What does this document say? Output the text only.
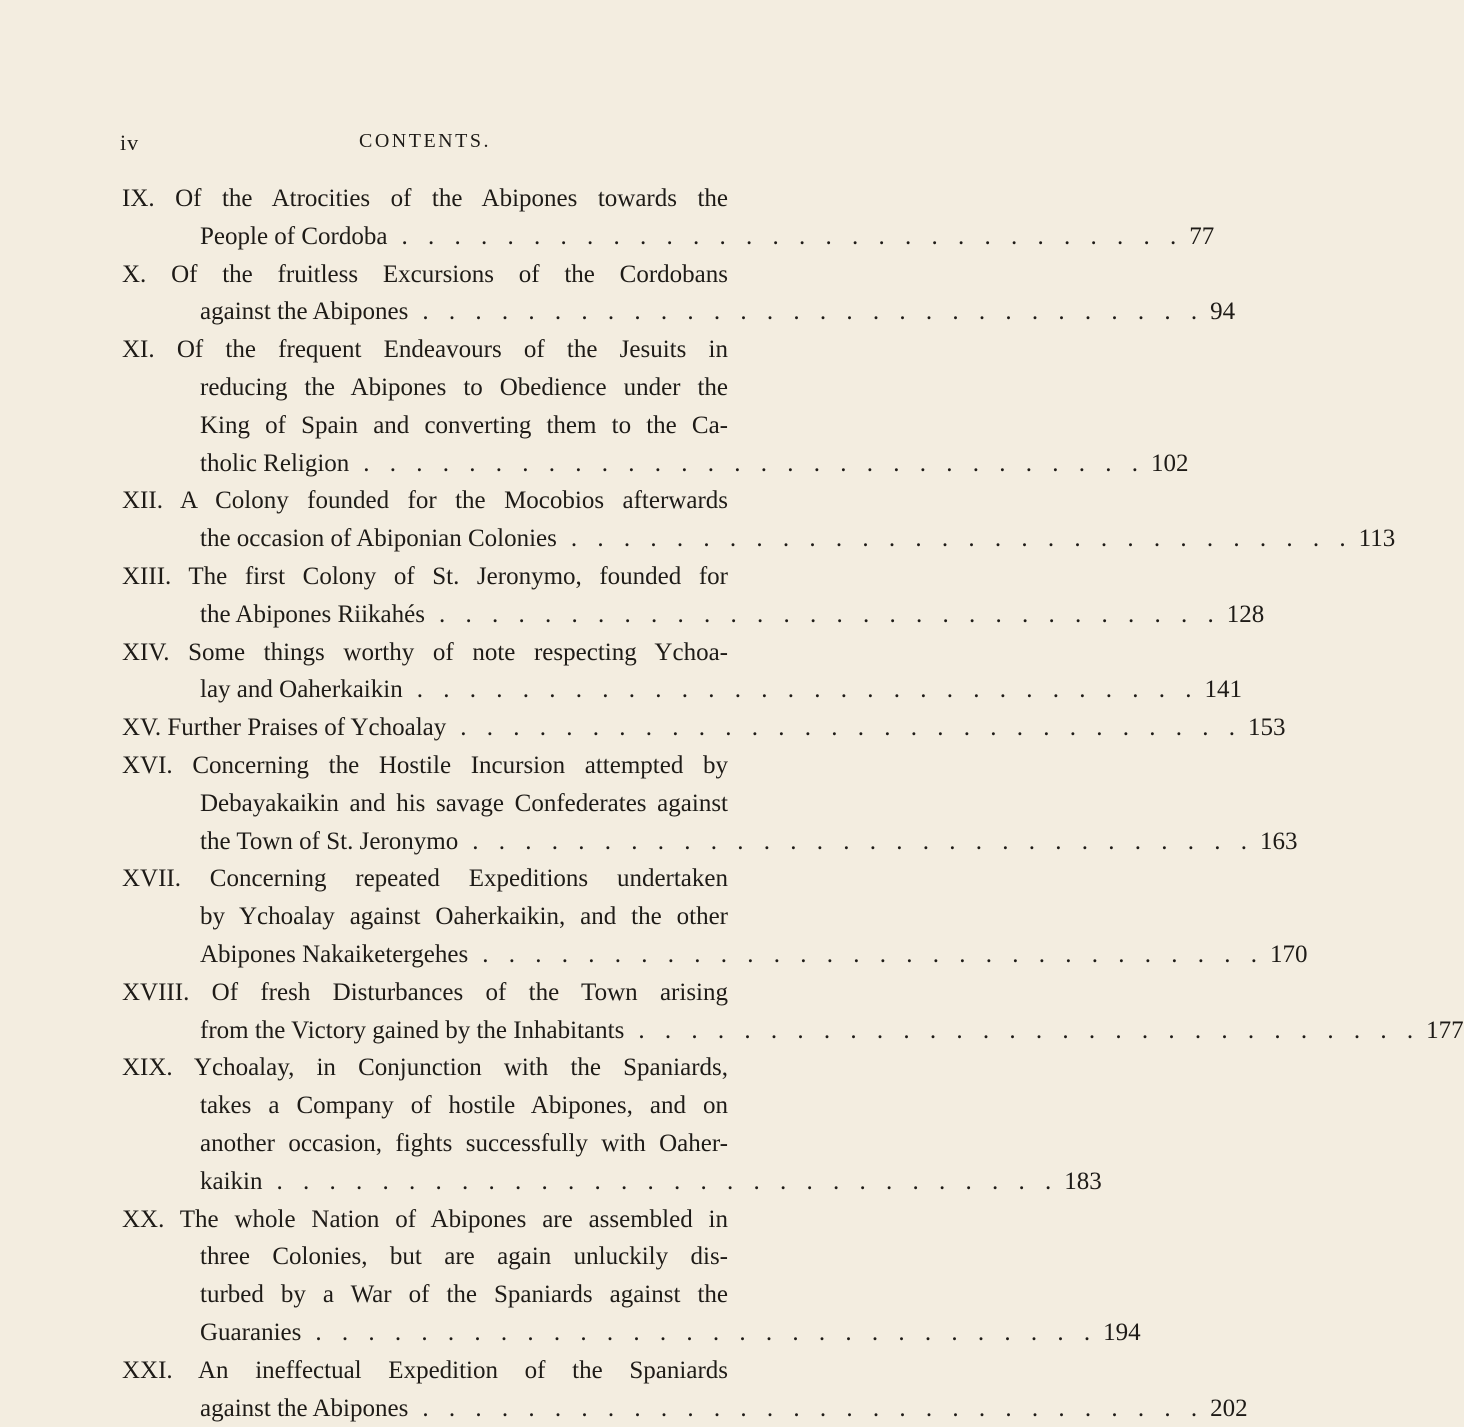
iv	CONTENTS.
IX. Of the Atrocities of the Abipones towards the
People of Cordoba . . . . . . . . . . . . . . . . . . . . . . . . . . . . . . 77
X. Of the fruitless Excursions of the Cordobans
against the Abipones . . . . . . . . . . . . . . . . . . . . . . . . . . . . . . 94
XI. Of the frequent Endeavours of the Jesuits in
reducing the Abipones to Obedience under the
King of Spain and converting them to the Ca-
tholic Religion . . . . . . . . . . . . . . . . . . . . . . . . . . . . . . 102
XII. A Colony founded for the Mocobios afterwards
the occasion of Abiponian Colonies . . . . . . . . . . . . . . . . . . . . . . . . . . . . . . 113
XIII. The first Colony of St. Jeronymo, founded for
the Abipones Riikahés . . . . . . . . . . . . . . . . . . . . . . . . . . . . . . 128
XIV. Some things worthy of note respecting Ychoa-
lay and Oaherkaikin . . . . . . . . . . . . . . . . . . . . . . . . . . . . . . 141
XV. Further Praises of Ychoalay . . . . . . . . . . . . . . . . . . . . . . . . . . . . . . 153
XVI. Concerning the Hostile Incursion attempted by
Debayakaikin and his savage Confederates against
the Town of St. Jeronymo . . . . . . . . . . . . . . . . . . . . . . . . . . . . . . 163
XVII. Concerning repeated Expeditions undertaken
by Ychoalay against Oaherkaikin, and the other
Abipones Nakaiketergehes . . . . . . . . . . . . . . . . . . . . . . . . . . . . . . 170
XVIII. Of fresh Disturbances of the Town arising
from the Victory gained by the Inhabitants . . . . . . . . . . . . . . . . . . . . . . . . . . . . . . 177
XIX. Ychoalay, in Conjunction with the Spaniards,
takes a Company of hostile Abipones, and on
another occasion, fights successfully with Oaher-
kaikin . . . . . . . . . . . . . . . . . . . . . . . . . . . . . . 183
XX. The whole Nation of Abipones are assembled in
three Colonies, but are again unluckily dis-
turbed by a War of the Spaniards against the
Guaranies . . . . . . . . . . . . . . . . . . . . . . . . . . . . . . 194
XXI. An ineffectual Expedition of the Spaniards
against the Abipones . . . . . . . . . . . . . . . . . . . . . . . . . . . . . . 202
